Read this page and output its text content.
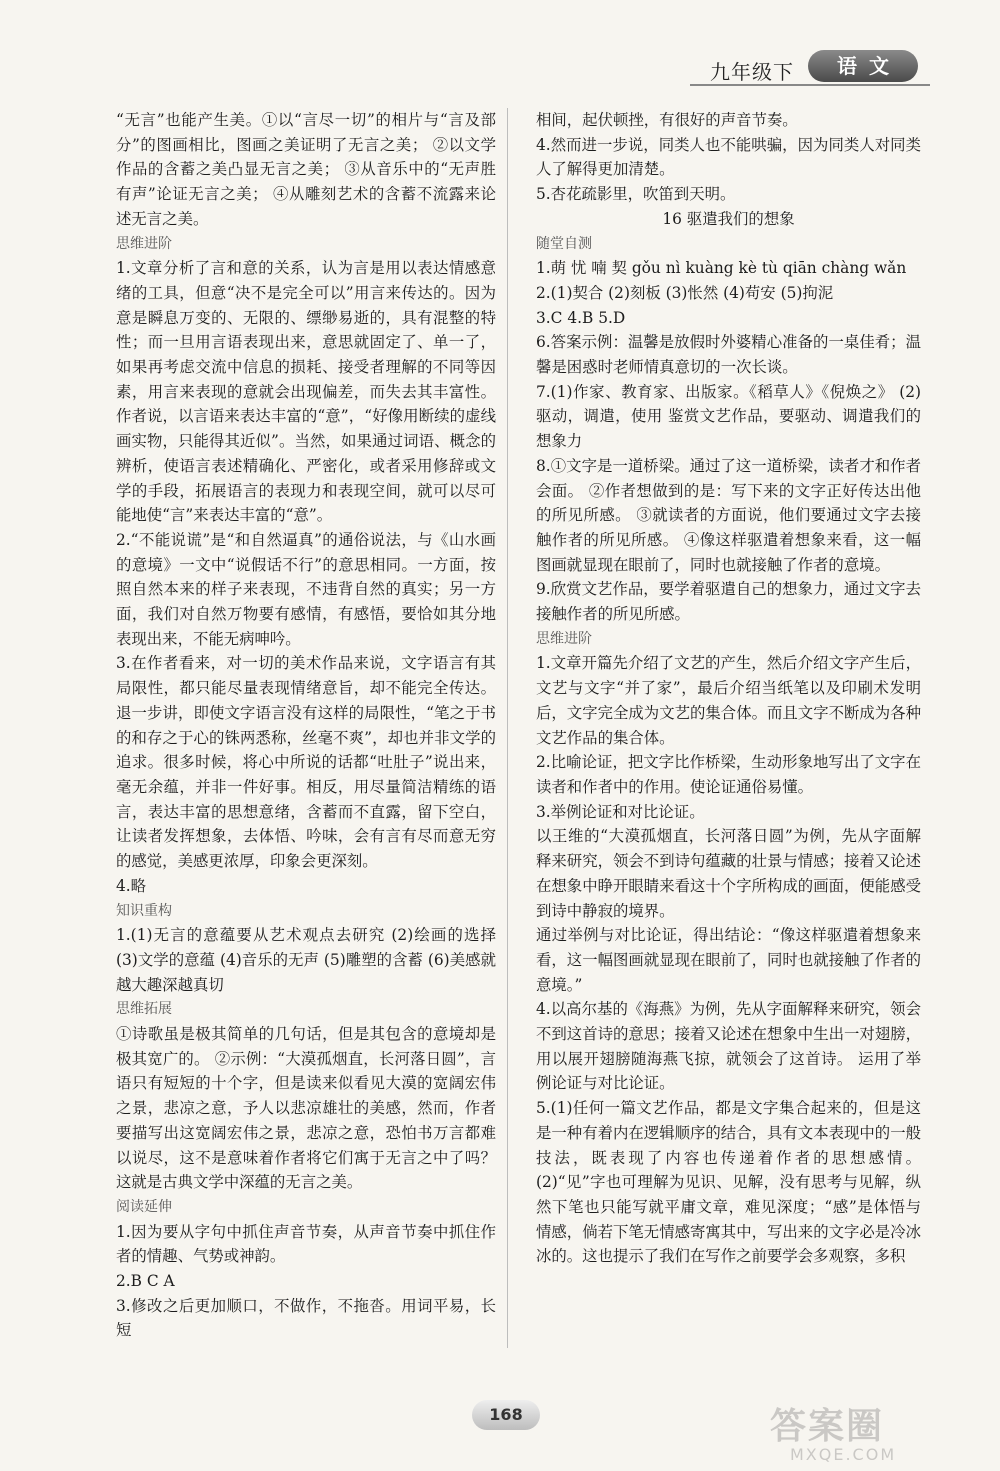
九年级下	语文

“无言”也能产生美。①以“言尽一切”的相片与“言及部分”的图画相比，图画之美证明了无言之美； ②以文学作品的含蓄之美凸显无言之美； ③从音乐中的“无声胜有声”论证无言之美； ④从雕刻艺术的含蓄不流露来论述无言之美。

思维进阶

1.文章分析了言和意的关系，认为言是用以表达情感意绪的工具，但意“决不是完全可以”用言来传达的。因为意是瞬息万变的、无限的、缥缈易逝的，具有混整的特性；而一旦用言语表现出来，意思就固定了、单一了，如果再考虑交流中信息的损耗、接受者理解的不同等因素，用言来表现的意就会出现偏差，而失去其丰富性。作者说，以言语来表达丰富的“意”，“好像用断续的虚线画实物，只能得其近似”。当然，如果通过词语、概念的辨析，使语言表述精确化、严密化，或者采用修辞或文学的手段，拓展语言的表现力和表现空间，就可以尽可能地使“言”来表达丰富的“意”。

2.“不能说谎”是“和自然逼真”的通俗说法，与《山水画的意境》一文中“说假话不行”的意思相同。一方面，按照自然本来的样子来表现，不违背自然的真实；另一方面，我们对自然万物要有感情，有感悟，要恰如其分地表现出来，不能无病呻吟。

3.在作者看来，对一切的美术作品来说，文字语言有其局限性，都只能尽量表现情绪意旨，却不能完全传达。退一步讲，即使文字语言没有这样的局限性，“笔之于书的和存之于心的铢两悉称，丝毫不爽”，却也并非文学的追求。很多时候，将心中所说的话都“吐肚子”说出来，毫无余蕴，并非一件好事。相反，用尽量简洁精练的语言，表达丰富的思想意绪，含蓄而不直露，留下空白，让读者发挥想象，去体悟、吟味，会有言有尽而意无穷的感觉，美感更浓厚，印象会更深刻。

4.略

知识重构

1.(1)无言的意蕴要从艺术观点去研究 (2)绘画的选择 (3)文学的意蕴 (4)音乐的无声 (5)雕塑的含蓄 (6)美感就越大趣深越真切

思维拓展

①诗歌虽是极其简单的几句话，但是其包含的意境却是极其宽广的。 ②示例：“大漠孤烟直，长河落日圆”，言语只有短短的十个字，但是读来似看见大漠的宽阔宏伟之景，悲凉之意，予人以悲凉雄壮的美感，然而，作者要描写出这宽阔宏伟之景，悲凉之意，恐怕书万言都难以说尽，这不是意味着作者将它们寓于无言之中了吗？这就是古典文学中深蕴的无言之美。

阅读延伸

1.因为要从字句中抓住声音节奏，从声音节奏中抓住作者的情趣、气势或神韵。

2.B C A

3.修改之后更加顺口，不做作，不拖沓。用词平易，长短

相间，起伏顿挫，有很好的声音节奏。

4.然而进一步说，同类人也不能哄骗，因为同类人对同类人了解得更加清楚。

5.杏花疏影里，吹笛到天明。

16 驱遣我们的想象

随堂自测

1.萌 忧 喃 契 gǒu nì kuàng kè tù qiān chàng wǎn

2.(1)契合 (2)刻板 (3)怅然 (4)苟安 (5)拘泥

3.C 4.B 5.D

6.答案示例：温馨是放假时外婆精心准备的一桌佳肴；温馨是困惑时老师情真意切的一次长谈。

7.(1)作家、教育家、出版家。《稻草人》《倪焕之》 (2)驱动，调遣，使用 鉴赏文艺作品，要驱动、调遣我们的想象力

8.①文字是一道桥梁。通过了这一道桥梁，读者才和作者会面。 ②作者想做到的是：写下来的文字正好传达出他的所见所感。 ③就读者的方面说，他们要通过文字去接触作者的所见所感。 ④像这样驱遣着想象来看，这一幅图画就显现在眼前了，同时也就接触了作者的意境。

9.欣赏文艺作品，要学着驱遣自己的想象力，通过文字去接触作者的所见所感。

思维进阶

1.文章开篇先介绍了文艺的产生，然后介绍文字产生后，文艺与文字“并了家”，最后介绍当纸笔以及印刷术发明后，文字完全成为文艺的集合体。而且文字不断成为各种文艺作品的集合体。

2.比喻论证，把文字比作桥梁，生动形象地写出了文字在读者和作者中的作用。使论证通俗易懂。

3.举例论证和对比论证。

以王维的“大漠孤烟直，长河落日圆”为例，先从字面解释来研究，领会不到诗句蕴藏的壮景与情感；接着又论述在想象中睁开眼睛来看这十个字所构成的画面，便能感受到诗中静寂的境界。

通过举例与对比论证，得出结论：“像这样驱遣着想象来看，这一幅图画就显现在眼前了，同时也就接触了作者的意境。”

4.以高尔基的《海燕》为例，先从字面解释来研究，领会不到这首诗的意思；接着又论述在想象中生出一对翅膀，用以展开翅膀随海燕飞掠，就领会了这首诗。 运用了举例论证与对比论证。

5.(1)任何一篇文艺作品，都是文字集合起来的，但是这是一种有着内在逻辑顺序的结合，具有文本表现中的一般技法，既表现了内容也传递着作者的思想感情。(2)“见”字也可理解为见识、见解，没有思考与见解，纵然下笔也只能写就平庸文章，难见深度；“感”是体悟与情感，倘若下笔无情感寄寓其中，写出来的文字必是冷冰冰的。这也提示了我们在写作之前要学会多观察，多积

168	答案圈
MXQE.COM
